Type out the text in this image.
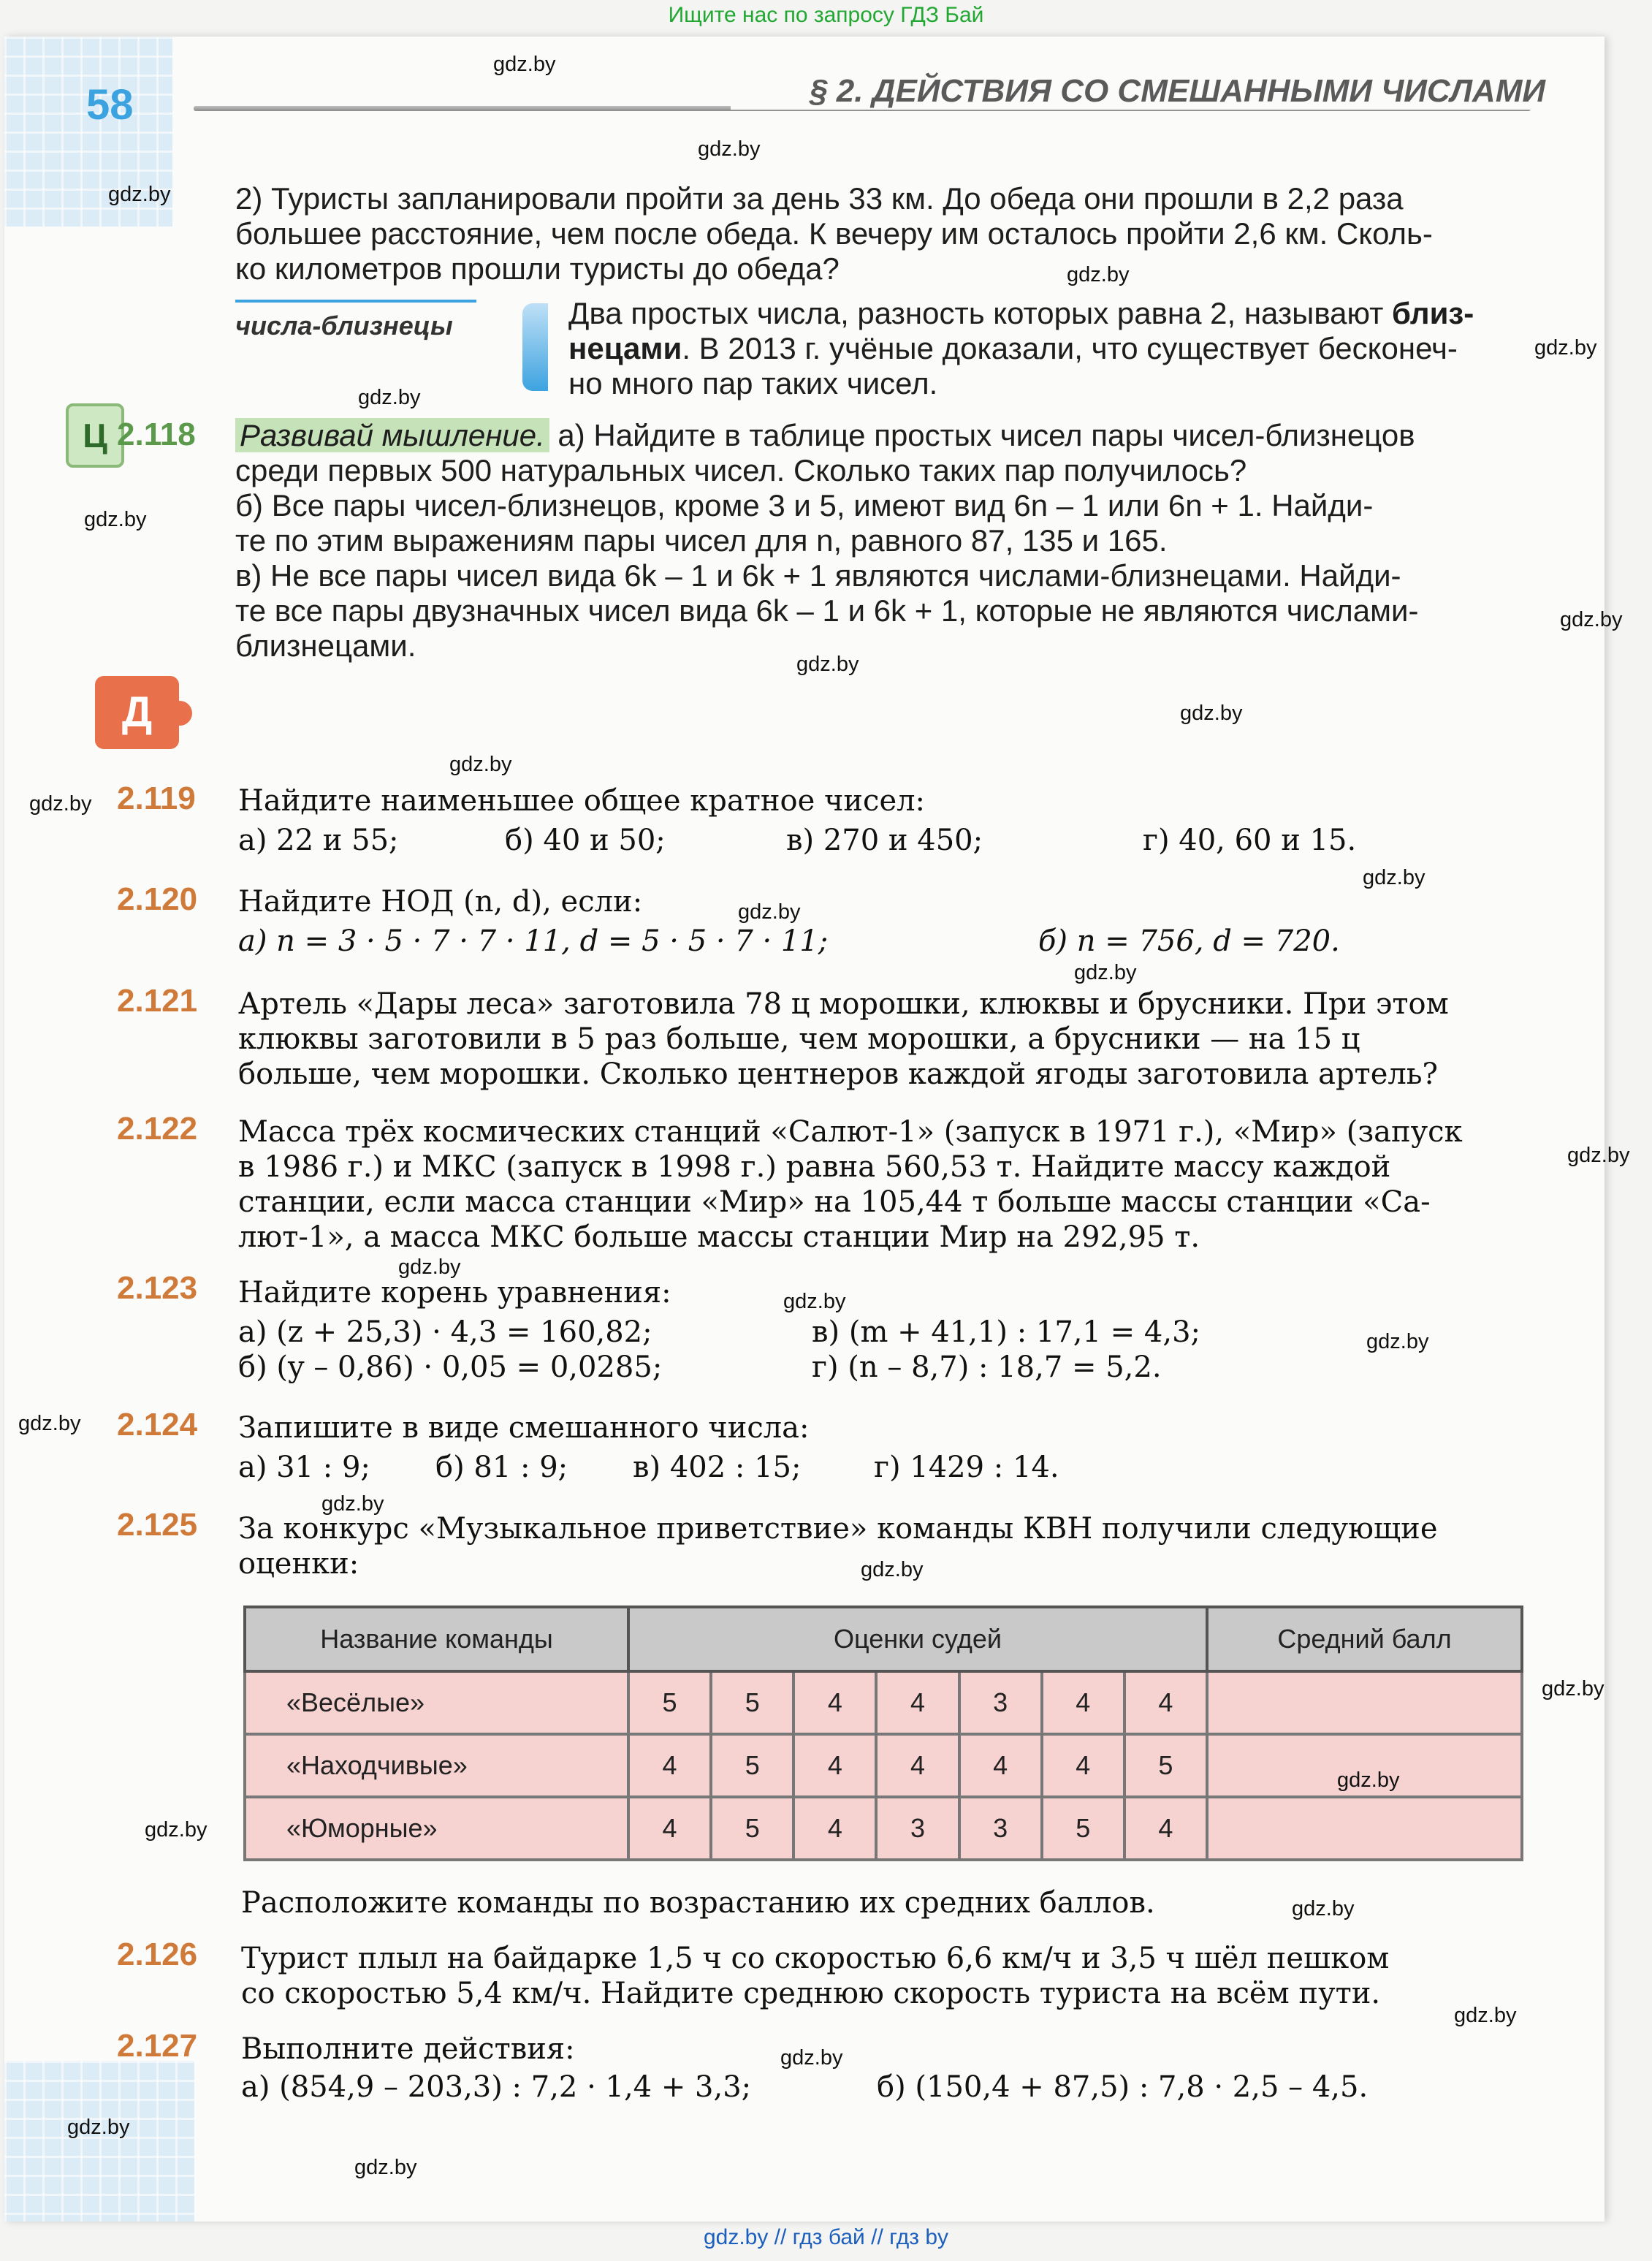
Ищите нас по запросу ГДЗ Бай
58	§ 2. ДЕЙСТВИЯ СО СМЕШАННЫМИ ЧИСЛАМИ
2) Туристы запланировали пройти за день 33 км. До обеда они прошли в 2,2 раза
большее расстояние, чем после обеда. К вечеру им осталось пройти 2,6 км. Сколь-
ко километров прошли туристы до обеда?
числа-близнецы	Два простых числа, разность которых равна 2, называют близ-
нецами. В 2013 г. учёные доказали, что существует бесконеч-
но много пар таких чисел.
Ц 2.118 Развивай мышление. а) Найдите в таблице простых чисел пары чисел-близнецов
среди первых 500 натуральных чисел. Сколько таких пар получилось?
б) Все пары чисел-близнецов, кроме 3 и 5, имеют вид 6n – 1 или 6n + 1. Найди-
те по этим выражениям пары чисел для n, равного 87, 135 и 165.
в) Не все пары чисел вида 6k – 1 и 6k + 1 являются числами-близнецами. Найди-
те все пары двузначных чисел вида 6k – 1 и 6k + 1, которые не являются числами-
близнецами.
Д
2.119 Найдите наименьшее общее кратное чисел:
а) 22 и 55;	б) 40 и 50;	в) 270 и 450;	г) 40, 60 и 15.
2.120 Найдите НОД (n, d), если:
а) n = 3 · 5 · 7 · 7 · 11, d = 5 · 5 · 7 · 11;	б) n = 756, d = 720.
2.121 Артель «Дары леса» заготовила 78 ц морошки, клюквы и брусники. При этом
клюквы заготовили в 5 раз больше, чем морошки, а брусники — на 15 ц
больше, чем морошки. Сколько центнеров каждой ягоды заготовила артель?
2.122 Масса трёх космических станций «Салют-1» (запуск в 1971 г.), «Мир» (запуск
в 1986 г.) и МКС (запуск в 1998 г.) равна 560,53 т. Найдите массу каждой
станции, если масса станции «Мир» на 105,44 т больше массы станции «Са-
лют-1», а масса МКС больше массы станции Мир на 292,95 т.
2.123 Найдите корень уравнения:
а) (z + 25,3) · 4,3 = 160,82;	в) (m + 41,1) : 17,1 = 4,3;
б) (y – 0,86) · 0,05 = 0,0285;	г) (n – 8,7) : 18,7 = 5,2.
2.124 Запишите в виде смешанного числа:
а) 31 : 9; б) 81 : 9; в) 402 : 15; г) 1429 : 14.
2.125 За конкурс «Музыкальное приветствие» команды КВН получили следующие
оценки:
Название команды	Оценки судей							Средний балл
«Весёлые»	5	5	4	4	3	4	4	
«Находчивые»	4	5	4	4	4	4	5	
«Юморные»	4	5	4	3	3	5	4	
Расположите команды по возрастанию их средних баллов.
2.126 Турист плыл на байдарке 1,5 ч со скоростью 6,6 км/ч и 3,5 ч шёл пешком
со скоростью 5,4 км/ч. Найдите среднюю скорость туриста на всём пути.
2.127 Выполните действия:
а) (854,9 – 203,3) : 7,2 · 1,4 + 3,3;	б) (150,4 + 87,5) : 7,8 · 2,5 – 4,5.
gdz.by
gdz.by
gdz.by
gdz.by
gdz.by
gdz.by
gdz.by
gdz.by
gdz.by
gdz.by
gdz.by
gdz.by
gdz.by
gdz.by
gdz.by
gdz.by
gdz.by
gdz.by
gdz.by
gdz.by
gdz.by
gdz.by
gdz.by
gdz.by
gdz.by
gdz.by
gdz.by
gdz.by
gdz.by
gdz.by
gdz.by // гдз бай // гдз by
